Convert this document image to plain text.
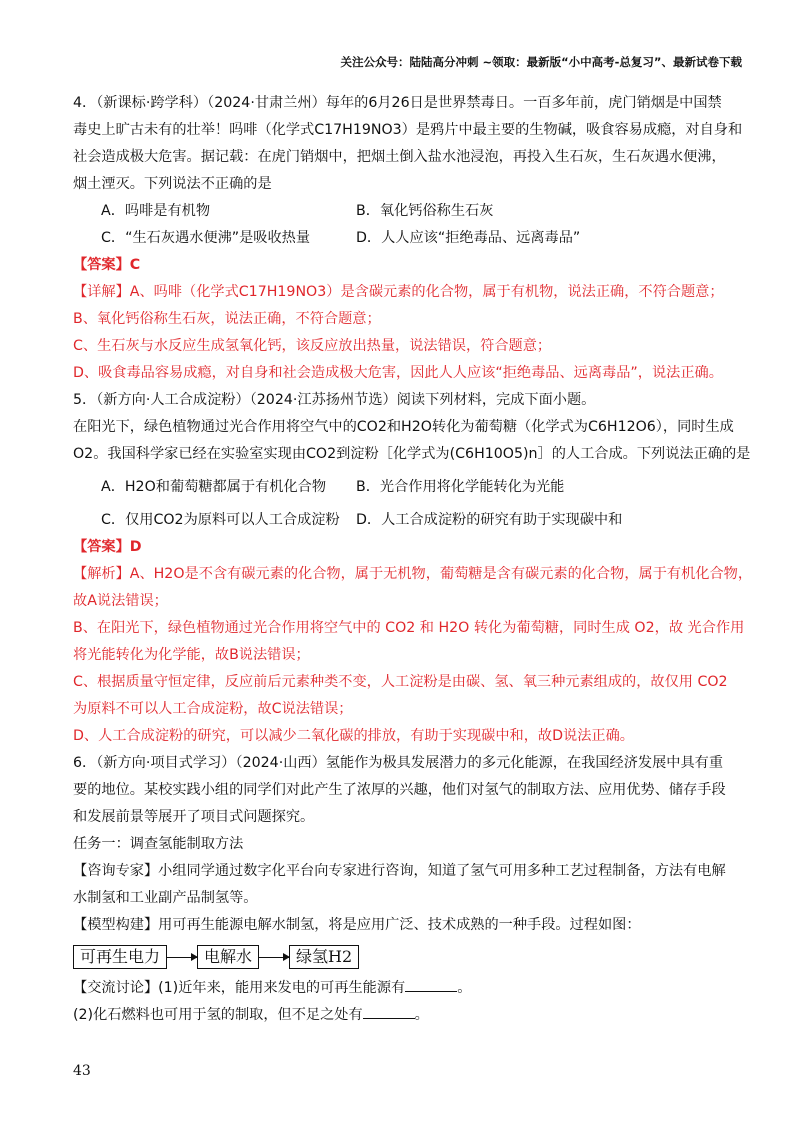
关注公众号：陆陆高分冲刺 ~领取：最新版“小中高考-总复习”、最新试卷下载
4．（新课标·跨学科）（2024·甘肃兰州）每年的6月26日是世界禁毒日。一百多年前，虎门销烟是中国禁
毒史上旷古未有的壮举！吗啡（化学式C17H19NO3）是鸦片中最主要的生物碱，吸食容易成瘾，对自身和
社会造成极大危害。据记载：在虎门销烟中，把烟土倒入盐水池浸泡，再投入生石灰，生石灰遇水便沸，
烟土湮灭。下列说法不正确的是
A．吗啡是有机物	B．氧化钙俗称生石灰
C．“生石灰遇水便沸”是吸收热量	D．人人应该“拒绝毒品、远离毒品”
【答案】C
【详解】A、吗啡（化学式C17H19NO3）是含碳元素的化合物，属于有机物，说法正确，不符合题意；
B、氧化钙俗称生石灰，说法正确，不符合题意；
C、生石灰与水反应生成氢氧化钙，该反应放出热量，说法错误，符合题意；
D、吸食毒品容易成瘾，对自身和社会造成极大危害，因此人人应该“拒绝毒品、远离毒品”，说法正确。
5．（新方向·人工合成淀粉）（2024·江苏扬州节选）阅读下列材料，完成下面小题。
在阳光下，绿色植物通过光合作用将空气中的CO2和H2O转化为葡萄糖（化学式为C6H12O6），同时生成
O2。我国科学家已经在实验室实现由CO2到淀粉［化学式为(C6H10O5)n］的人工合成。下列说法正确的是
A．H2O和葡萄糖都属于有机化合物	B．光合作用将化学能转化为光能
C．仅用CO2为原料可以人工合成淀粉	D．人工合成淀粉的研究有助于实现碳中和
【答案】D
【解析】A、H2O是不含有碳元素的化合物，属于无机物，葡萄糖是含有碳元素的化合物，属于有机化合物，
故A说法错误；
B、在阳光下，绿色植物通过光合作用将空气中的 CO2 和 H2O 转化为葡萄糖，同时生成 O2，故 光合作用
将光能转化为化学能，故B说法错误；
C、根据质量守恒定律，反应前后元素种类不变，人工淀粉是由碳、氢、氧三种元素组成的，故仅用 CO2
为原料不可以人工合成淀粉，故C说法错误；
D、人工合成淀粉的研究，可以减少二氧化碳的排放，有助于实现碳中和，故D说法正确。
6．（新方向·项目式学习）（2024·山西）氢能作为极具发展潜力的多元化能源，在我国经济发展中具有重
要的地位。某校实践小组的同学们对此产生了浓厚的兴趣，他们对氢气的制取方法、应用优势、储存手段
和发展前景等展开了项目式问题探究。
任务一：调查氢能制取方法
【咨询专家】小组同学通过数字化平台向专家进行咨询，知道了氢气可用多种工艺过程制备，方法有电解
水制氢和工业副产品制氢等。
【模型构建】用可再生能源电解水制氢，将是应用广泛、技术成熟的一种手段。过程如图：
可再生电力	电解水	绿氢H2
【交流讨论】(1)近年来，能用来发电的可再生能源有	。
(2)化石燃料也可用于氢的制取，但不足之处有	。
43
